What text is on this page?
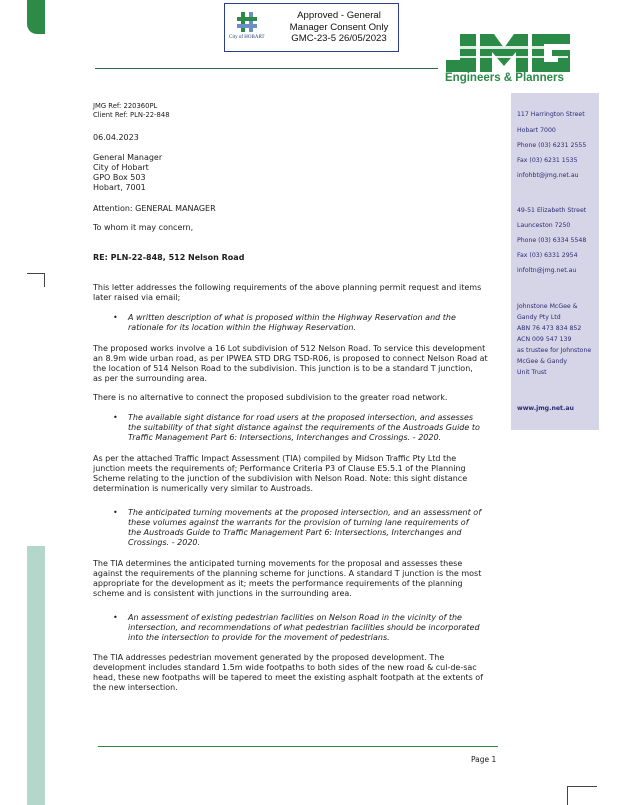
City of HOBART
Approved - General
Manager Consent Only
GMC-23-5 26/05/2023
Engineers & Planners
117 Harrington Street
Hobart 7000
Phone (03) 6231 2555
Fax (03) 6231 1535
infohbt@jmg.net.au
49-51 Elizabeth Street
Launceston 7250
Phone (03) 6334 5548
Fax (03) 6331 2954
infoltn@jmg.net.au
Johnstone McGee &
Gandy Pty Ltd
ABN 76 473 834 852
ACN 009 547 139
as trustee for Johnstone
McGee & Gandy
Unit Trust
www.jmg.net.au
JMG Ref: 220360PL
Client Ref: PLN-22-848
06.04.2023
General Manager
City of Hobart
GPO Box 503
Hobart, 7001
Attention: GENERAL MANAGER
To whom it may concern,
RE: PLN-22-848, 512 Nelson Road
This letter addresses the following requirements of the above planning permit request and items
later raised via email;
• A written description of what is proposed within the Highway Reservation and the
rationale for its location within the Highway Reservation.
The proposed works involve a 16 Lot subdivision of 512 Nelson Road. To service this development
an 8.9m wide urban road, as per IPWEA STD DRG TSD-R06, is proposed to connect Nelson Road at
the location of 514 Nelson Road to the subdivision. This junction is to be a standard T junction,
as per the surrounding area.
There is no alternative to connect the proposed subdivision to the greater road network.
• The available sight distance for road users at the proposed intersection, and assesses
the suitability of that sight distance against the requirements of the Austroads Guide to
Traffic Management Part 6: Intersections, Interchanges and Crossings. - 2020.
As per the attached Traffic Impact Assessment (TIA) compiled by Midson Traffic Pty Ltd the
junction meets the requirements of; Performance Criteria P3 of Clause E5.5.1 of the Planning
Scheme relating to the junction of the subdivision with Nelson Road. Note: this sight distance
determination is numerically very similar to Austroads.
• The anticipated turning movements at the proposed intersection, and an assessment of
these volumes against the warrants for the provision of turning lane requirements of
the Austroads Guide to Traffic Management Part 6: Intersections, Interchanges and
Crossings. - 2020.
The TIA determines the anticipated turning movements for the proposal and assesses these
against the requirements of the planning scheme for junctions. A standard T junction is the most
appropriate for the development as it; meets the performance requirements of the planning
scheme and is consistent with junctions in the surrounding area.
• An assessment of existing pedestrian facilities on Nelson Road in the vicinity of the
intersection, and recommendations of what pedestrian facilities should be incorporated
into the intersection to provide for the movement of pedestrians.
The TIA addresses pedestrian movement generated by the proposed development. The
development includes standard 1.5m wide footpaths to both sides of the new road & cul-de-sac
head, these new footpaths will be tapered to meet the existing asphalt footpath at the extents of
the new intersection.
Page 1
